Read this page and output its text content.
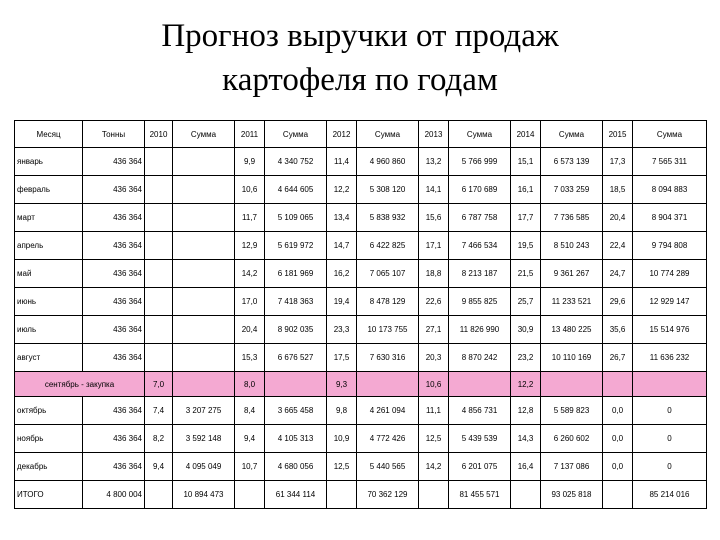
Прогноз выручки от продаж
картофеля по годам
Месяц	Тонны	2010	Сумма	2011	Сумма	2012	Сумма	2013	Сумма	2014	Сумма	2015	Сумма
январь	436 364			9,9	4 340 752	11,4	4 960 860	13,2	5 766 999	15,1	6 573 139	17,3	7 565 311
февраль	436 364			10,6	4 644 605	12,2	5 308 120	14,1	6 170 689	16,1	7 033 259	18,5	8 094 883
март	436 364			11,7	5 109 065	13,4	5 838 932	15,6	6 787 758	17,7	7 736 585	20,4	8 904 371
апрель	436 364			12,9	5 619 972	14,7	6 422 825	17,1	7 466 534	19,5	8 510 243	22,4	9 794 808
май	436 364			14,2	6 181 969	16,2	7 065 107	18,8	8 213 187	21,5	9 361 267	24,7	10 774 289
июнь	436 364			17,0	7 418 363	19,4	8 478 129	22,6	9 855 825	25,7	11 233 521	29,6	12 929 147
июль	436 364			20,4	8 902 035	23,3	10 173 755	27,1	11 826 990	30,9	13 480 225	35,6	15 514 976
август	436 364			15,3	6 676 527	17,5	7 630 316	20,3	8 870 242	23,2	10 110 169	26,7	11 636 232
сентябрь - закупка		7,0		8,0		9,3		10,6		12,2			
октябрь	436 364	7,4	3 207 275	8,4	3 665 458	9,8	4 261 094	11,1	4 856 731	12,8	5 589 823	0,0	0
ноябрь	436 364	8,2	3 592 148	9,4	4 105 313	10,9	4 772 426	12,5	5 439 539	14,3	6 260 602	0,0	0
декабрь	436 364	9,4	4 095 049	10,7	4 680 056	12,5	5 440 565	14,2	6 201 075	16,4	7 137 086	0,0	0
ИТОГО	4 800 004		10 894 473		61 344 114		70 362 129		81 455 571		93 025 818		85 214 016
